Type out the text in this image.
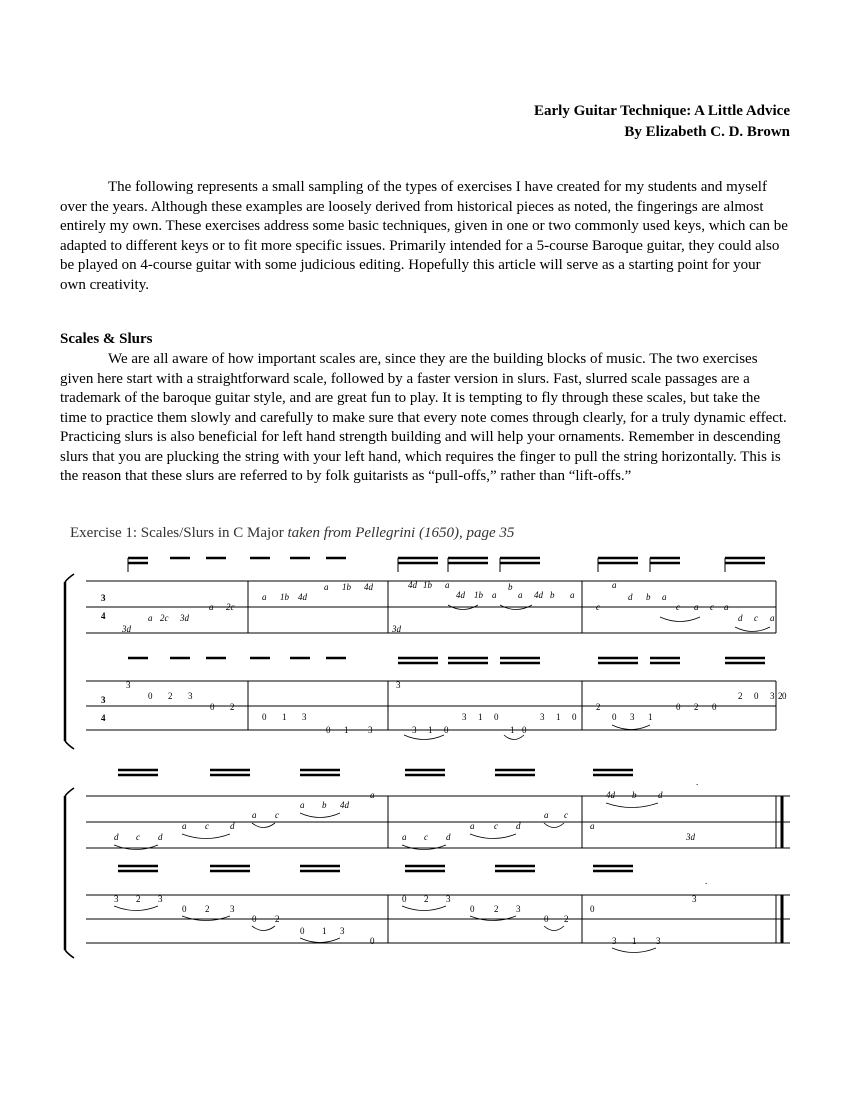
Early Guitar Technique: A Little Advice
By Elizabeth C. D. Brown

The following represents a small sampling of the types of exercises I have created for my students and myself over the years. Although these examples are loosely derived from historical pieces as noted, the fingerings are almost entirely my own. These exercises address some basic techniques, given in one or two commonly used keys, which can be adapted to different keys or to fit more specific issues. Primarily intended for a 5-course Baroque guitar, they could also be played on 4-course guitar with some judicious editing. Hopefully this article will serve as a starting point for your own creativity.

Scales & Slurs

We are all aware of how important scales are, since they are the building blocks of music. The two exercises given here start with a straightforward scale, followed by a faster version in slurs. Fast, slurred scale passages are a trademark of the baroque guitar style, and are great fun to play. It is tempting to fly through these scales, but take the time to practice them slowly and carefully to make sure that every note comes through clearly, for a truly dynamic effect. Practicing slurs is also beneficial for left hand strength building and will help your ornaments. Remember in descending slurs that you are plucking the string with your left hand, which requires the finger to pull the string horizontally. This is the reason that these slurs are referred to by folk guitarists as “pull-offs,” rather than “lift-offs.”

Exercise 1: Scales/Slurs in C Major taken from Pellegrini (1650), page 35
3
4
3d
a 2c 3d
a 2c
a 1b 4d
a 1b 4d
3d
4d 1b a
4d 1b a
b
a 4d b a
c
a
d b a
c a c a
d c a
3
4
3
0 2 3
0 2
0 1 3
0 1 3
3
3 1 0
3 1 0
1 0
3 1 0
2
0 3 1
0 2 0
2 0 3 2 0
.
d c d
a c d
a c
a b 4d
a
a c d
a c d
a c
a
4d b d
3d
.
3 2 3
0 2 3
0 2
0 1 3
0
0 2 3
0 2 3
0 2
0
3 1 3
3
